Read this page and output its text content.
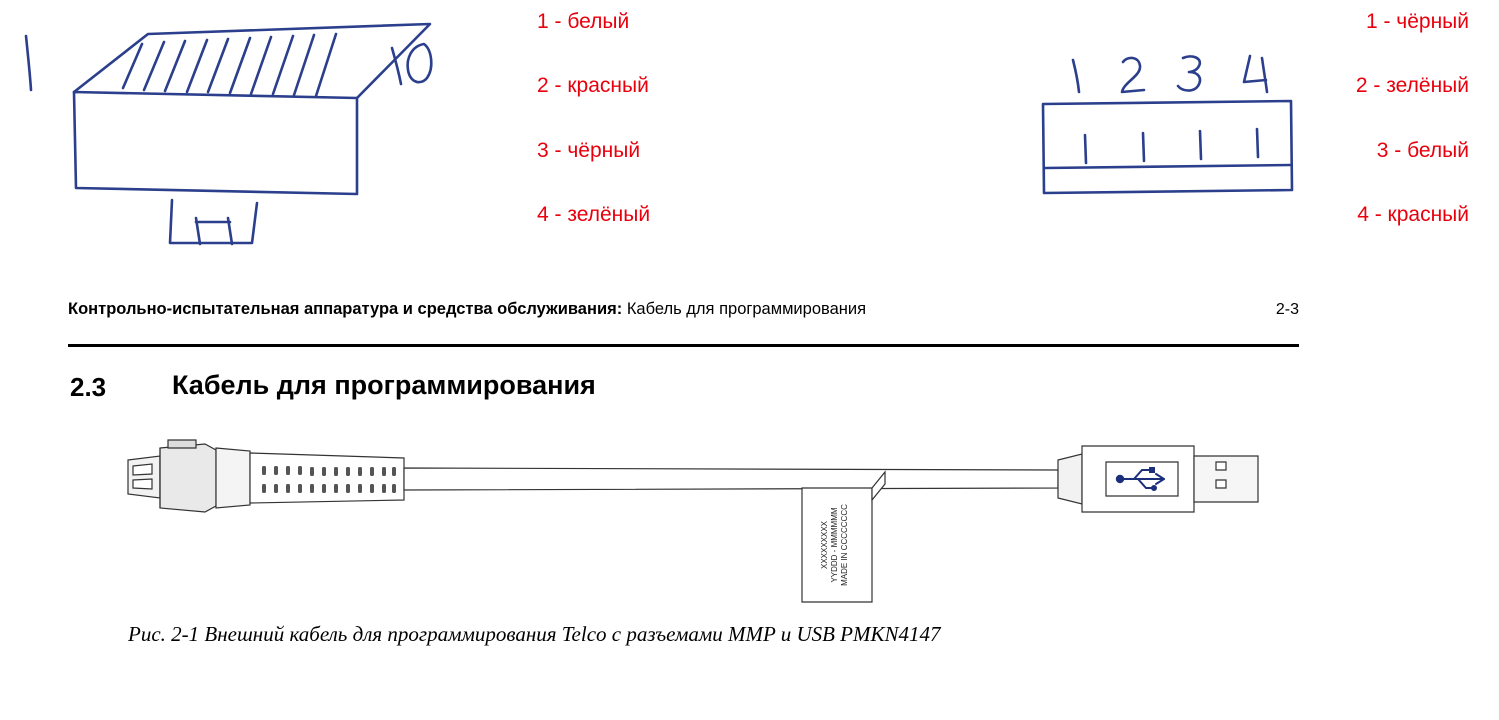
1 - белый
2 - красный
3 - чёрный
4 - зелёный
1 - чёрный
2 - зелёный
3 - белый
4 - красный
Контрольно-испытательная аппаратура и средства обслуживания: Кабель для программирования	2-3
2.3 Кабель для программирования
XXXXXXXXX YYDDD - MMMMMM MADE IN CCCCCCCC
Рис. 2-1 Внешний кабель для программирования Telco с разъемами MMP и USB PMKN4147
